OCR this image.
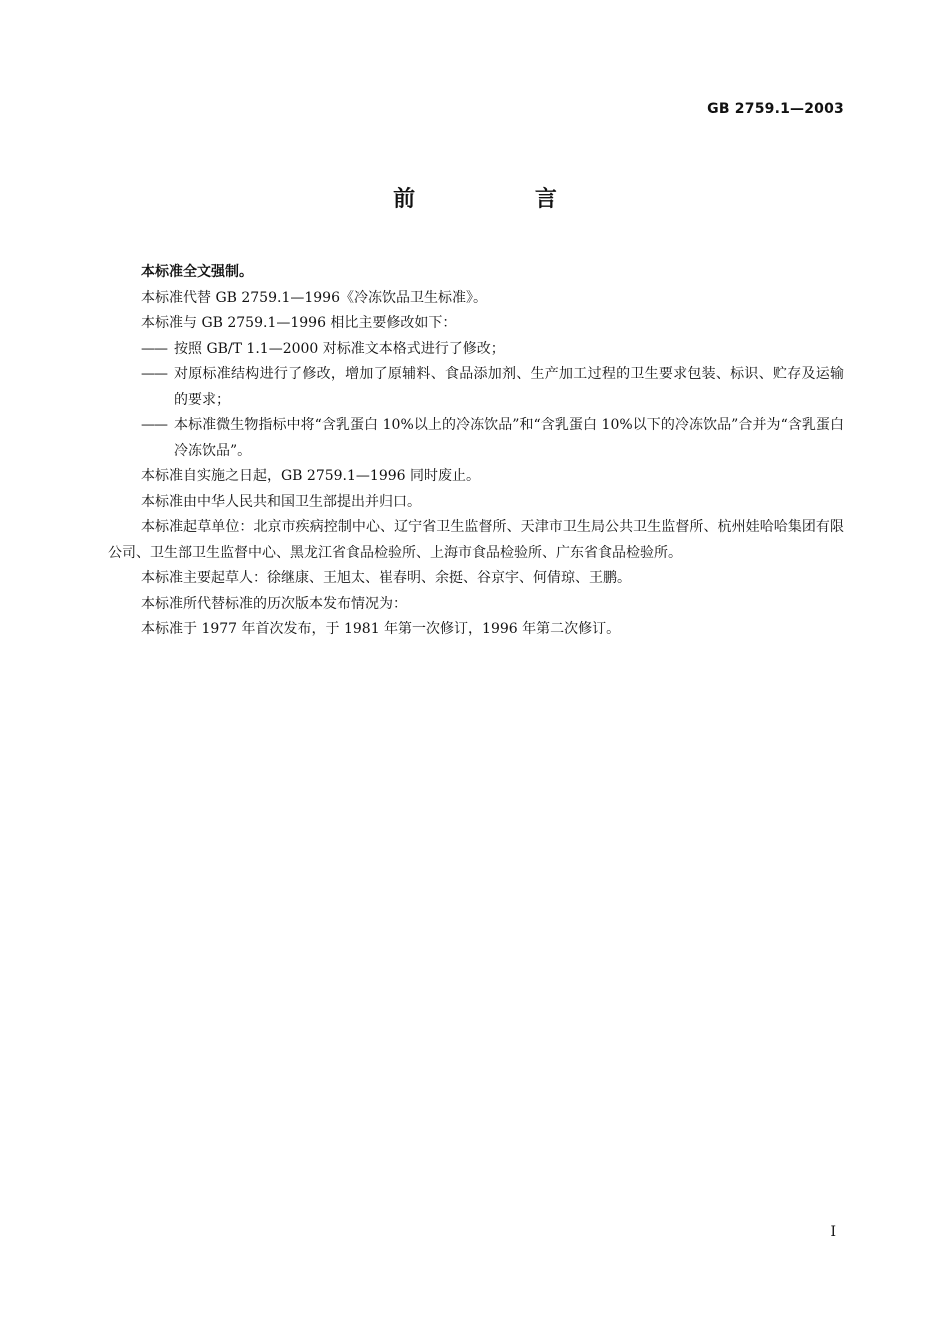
GB 2759.1—2003
前 言

本标准全文强制。

本标准代替 GB 2759.1—1996《冷冻饮品卫生标准》。

本标准与 GB 2759.1—1996 相比主要修改如下：

—— 按照 GB/T 1.1—2000 对标准文本格式进行了修改；
—— 对原标准结构进行了修改，增加了原辅料、食品添加剂、生产加工过程的卫生要求包装、标识、贮存及运输的要求；
—— 本标准微生物指标中将“含乳蛋白 10%以上的冷冻饮品”和“含乳蛋白 10%以下的冷冻饮品”合并为“含乳蛋白冷冻饮品”。

本标准自实施之日起，GB 2759.1—1996 同时废止。

本标准由中华人民共和国卫生部提出并归口。

本标准起草单位：北京市疾病控制中心、辽宁省卫生监督所、天津市卫生局公共卫生监督所、杭州娃哈哈集团有限公司、卫生部卫生监督中心、黑龙江省食品检验所、上海市食品检验所、广东省食品检验所。

本标准主要起草人：徐继康、王旭太、崔春明、余挺、谷京宇、何倩琼、王鹏。

本标准所代替标准的历次版本发布情况为：

本标准于 1977 年首次发布，于 1981 年第一次修订，1996 年第二次修订。

I
